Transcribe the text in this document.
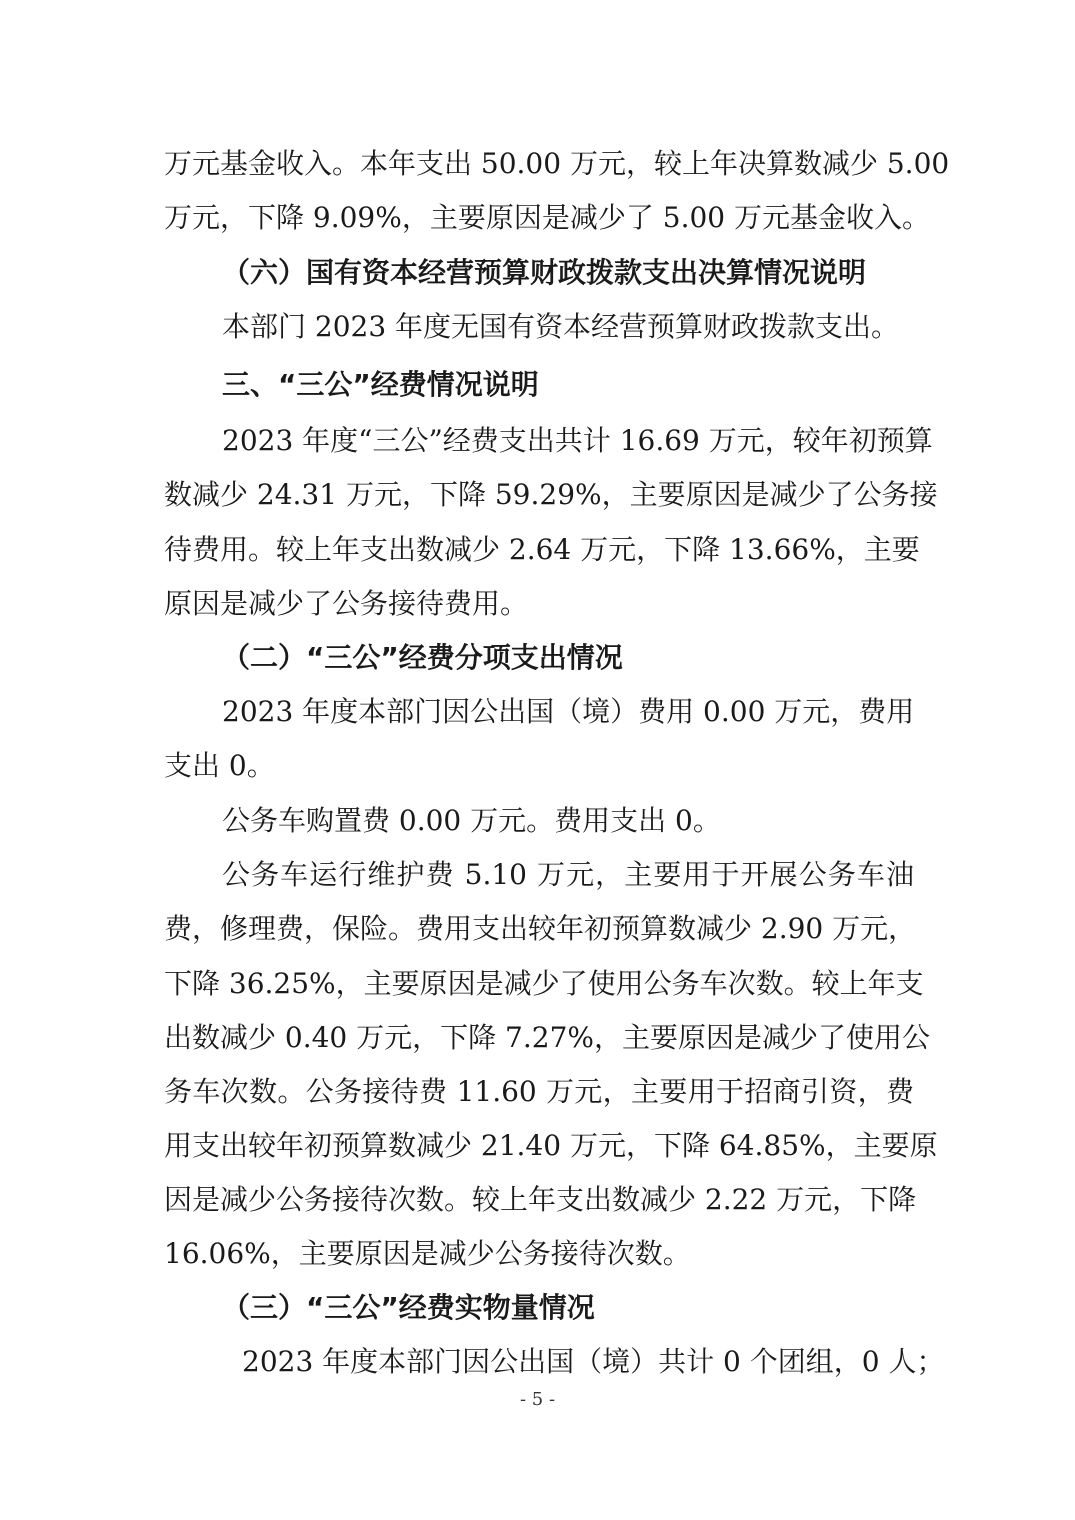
万元基金收入。本年支出 50.00 万元，较上年决算数减少 5.00
万元，下降 9.09%，主要原因是减少了 5.00 万元基金收入。
（六）国有资本经营预算财政拨款支出决算情况说明
本部门 2023 年度无国有资本经营预算财政拨款支出。
三、“三公”经费情况说明
2023 年度“三公”经费支出共计 16.69 万元，较年初预算
数减少 24.31 万元，下降 59.29%，主要原因是减少了公务接
待费用。较上年支出数减少 2.64 万元，下降 13.66%，主要
原因是减少了公务接待费用。
（二）“三公”经费分项支出情况
2023 年度本部门因公出国（境）费用 0.00 万元，费用
支出 0。
公务车购置费 0.00 万元。费用支出 0。
公务车运行维护费 5.10 万元，主要用于开展公务车油
费，修理费，保险。费用支出较年初预算数减少 2.90 万元，
下降 36.25%，主要原因是减少了使用公务车次数。较上年支
出数减少 0.40 万元，下降 7.27%，主要原因是减少了使用公
务车次数。公务接待费 11.60 万元，主要用于招商引资，费
用支出较年初预算数减少 21.40 万元，下降 64.85%，主要原
因是减少公务接待次数。较上年支出数减少 2.22 万元，下降
16.06%，主要原因是减少公务接待次数。
（三）“三公”经费实物量情况
2023 年度本部门因公出国（境）共计 0 个团组，0 人；
- 5 -
